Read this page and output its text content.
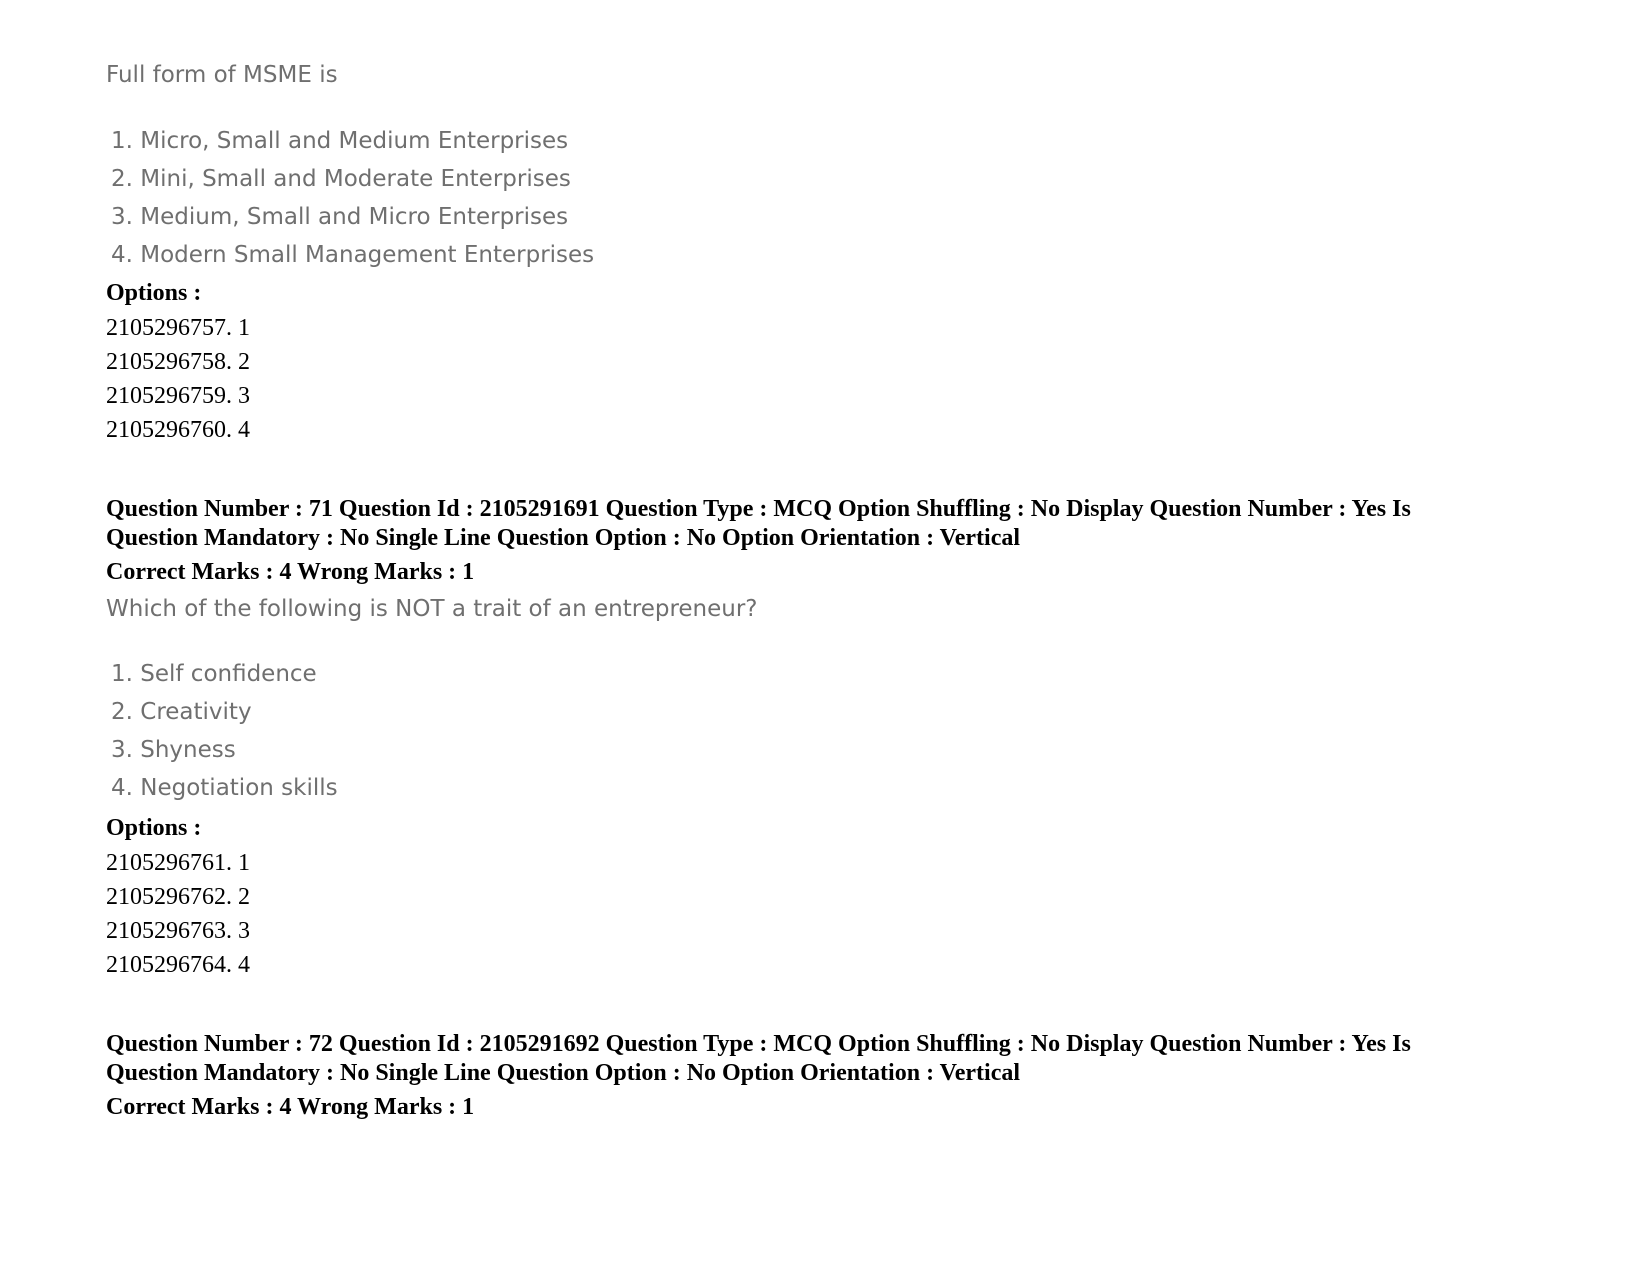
Full form of MSME is
1. Micro, Small and Medium Enterprises
2. Mini, Small and Moderate Enterprises
3. Medium, Small and Micro Enterprises
4. Modern Small Management Enterprises
Options :
2105296757. 1
2105296758. 2
2105296759. 3
2105296760. 4
Question Number : 71 Question Id : 2105291691 Question Type : MCQ Option Shuffling : No Display Question Number : Yes Is
Question Mandatory : No Single Line Question Option : No Option Orientation : Vertical
Correct Marks : 4 Wrong Marks : 1
Which of the following is NOT a trait of an entrepreneur?
1. Self confidence
2. Creativity
3. Shyness
4. Negotiation skills
Options :
2105296761. 1
2105296762. 2
2105296763. 3
2105296764. 4
Question Number : 72 Question Id : 2105291692 Question Type : MCQ Option Shuffling : No Display Question Number : Yes Is
Question Mandatory : No Single Line Question Option : No Option Orientation : Vertical
Correct Marks : 4 Wrong Marks : 1
